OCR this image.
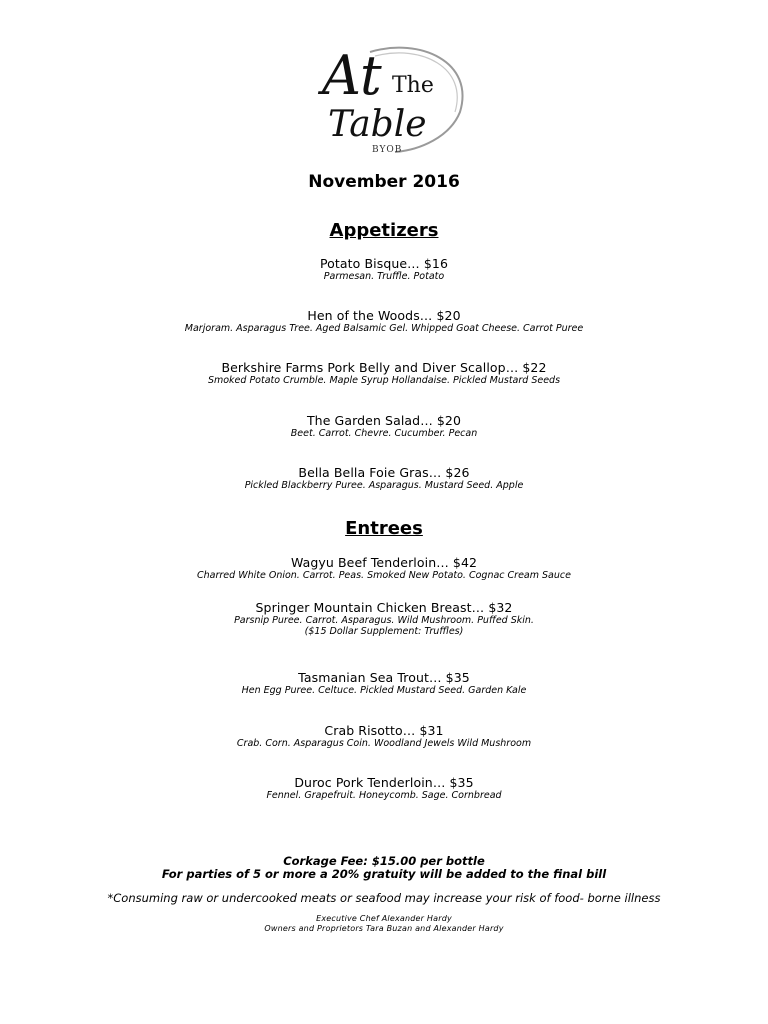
At The
Table
BYOB
November 2016
Appetizers
Potato Bisque… $16
Parmesan. Truffle. Potato
Hen of the Woods… $20
Marjoram. Asparagus Tree. Aged Balsamic Gel. Whipped Goat Cheese. Carrot Puree
Berkshire Farms Pork Belly and Diver Scallop… $22
Smoked Potato Crumble. Maple Syrup Hollandaise. Pickled Mustard Seeds
The Garden Salad… $20
Beet. Carrot. Chevre. Cucumber. Pecan
Bella Bella Foie Gras… $26
Pickled Blackberry Puree. Asparagus. Mustard Seed. Apple
Entrees
Wagyu Beef Tenderloin… $42
Charred White Onion. Carrot. Peas. Smoked New Potato. Cognac Cream Sauce
Springer Mountain Chicken Breast… $32
Parsnip Puree. Carrot. Asparagus. Wild Mushroom. Puffed Skin.
($15 Dollar Supplement: Truffles)
Tasmanian Sea Trout… $35
Hen Egg Puree. Celtuce. Pickled Mustard Seed. Garden Kale
Crab Risotto… $31
Crab. Corn. Asparagus Coin. Woodland Jewels Wild Mushroom
Duroc Pork Tenderloin… $35
Fennel. Grapefruit. Honeycomb. Sage. Cornbread
Corkage Fee: $15.00 per bottle
For parties of 5 or more a 20% gratuity will be added to the final bill
*Consuming raw or undercooked meats or seafood may increase your risk of food- borne illness
Executive Chef Alexander Hardy
Owners and Proprietors Tara Buzan and Alexander Hardy
